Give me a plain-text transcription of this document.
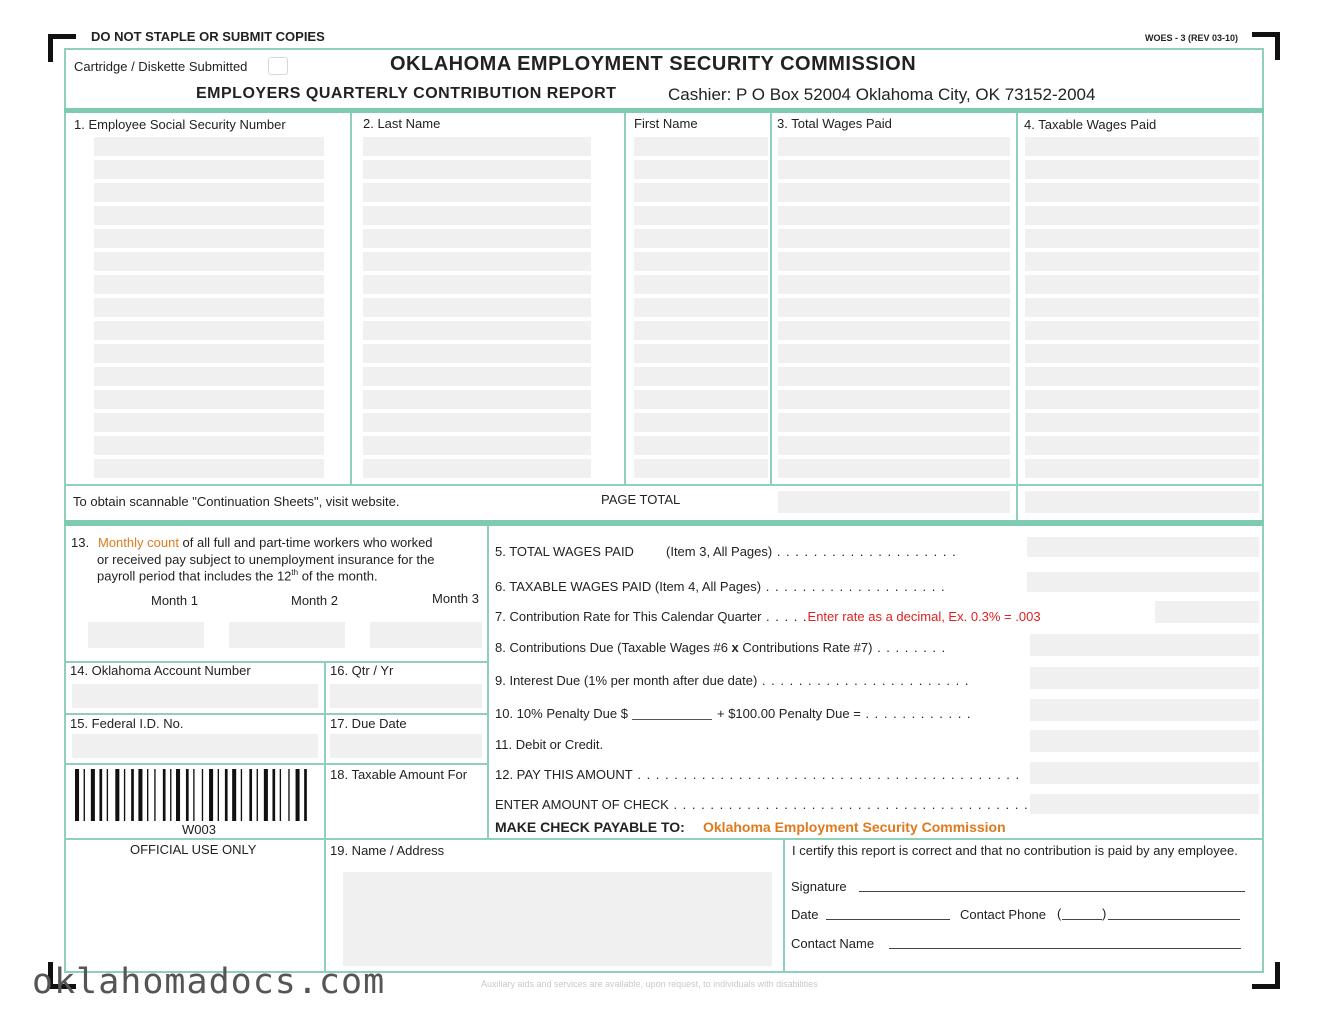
DO NOT STAPLE OR SUBMIT COPIES	WOES - 3 (REV 03-10)
Cartridge / Diskette Submitted	OKLAHOMA EMPLOYMENT SECURITY COMMISSION
EMPLOYERS QUARTERLY CONTRIBUTION REPORT	Cashier: P O Box 52004 Oklahoma City, OK 73152-2004
1. Employee Social Security Number	2. Last Name	First Name	3. Total Wages Paid	4. Taxable Wages Paid
To obtain scannable "Continuation Sheets", visit website.	PAGE TOTAL
13. Monthly count of all full and part-time workers who worked
or received pay subject to unemployment insurance for the
payroll period that includes the 12th of the month.
Month 1	Month 2	Month 3
14. Oklahoma Account Number	16. Qtr / Yr
15. Federal I.D. No.	17. Due Date
18. Taxable Amount For
W003
5. TOTAL WAGES PAID (Item 3, All Pages) . . . . . . . . . . . . . . . . . . . .
6. TAXABLE WAGES PAID (Item 4, All Pages) . . . . . . . . . . . . . . . . . . . .
7. Contribution Rate for This Calendar Quarter . . . . .Enter rate as a decimal, Ex. 0.3% = .003
8. Contributions Due (Taxable Wages #6 x Contributions Rate #7) . . . . . . . .
9. Interest Due (1% per month after due date) . . . . . . . . . . . . . . . . . . . . . . .
10. 10% Penalty Due $	+ $100.00 Penalty Due = . . . . . . . . . . . .
11. Debit or Credit.
12. PAY THIS AMOUNT . . . . . . . . . . . . . . . . . . . . . . . . . . . . . . . . . . . . . . . . . .
ENTER AMOUNT OF CHECK . . . . . . . . . . . . . . . . . . . . . . . . . . . . . . . . . . . . . . .
MAKE CHECK PAYABLE TO: Oklahoma Employment Security Commission
OFFICIAL USE ONLY	19. Name / Address	I certify this report is correct and that no contribution is paid by any employee.
Signature
Date	Contact Phone (	)
Contact Name
oklahomadocs.com	Auxiliary aids and services are available, upon request, to individuals with disabilities
